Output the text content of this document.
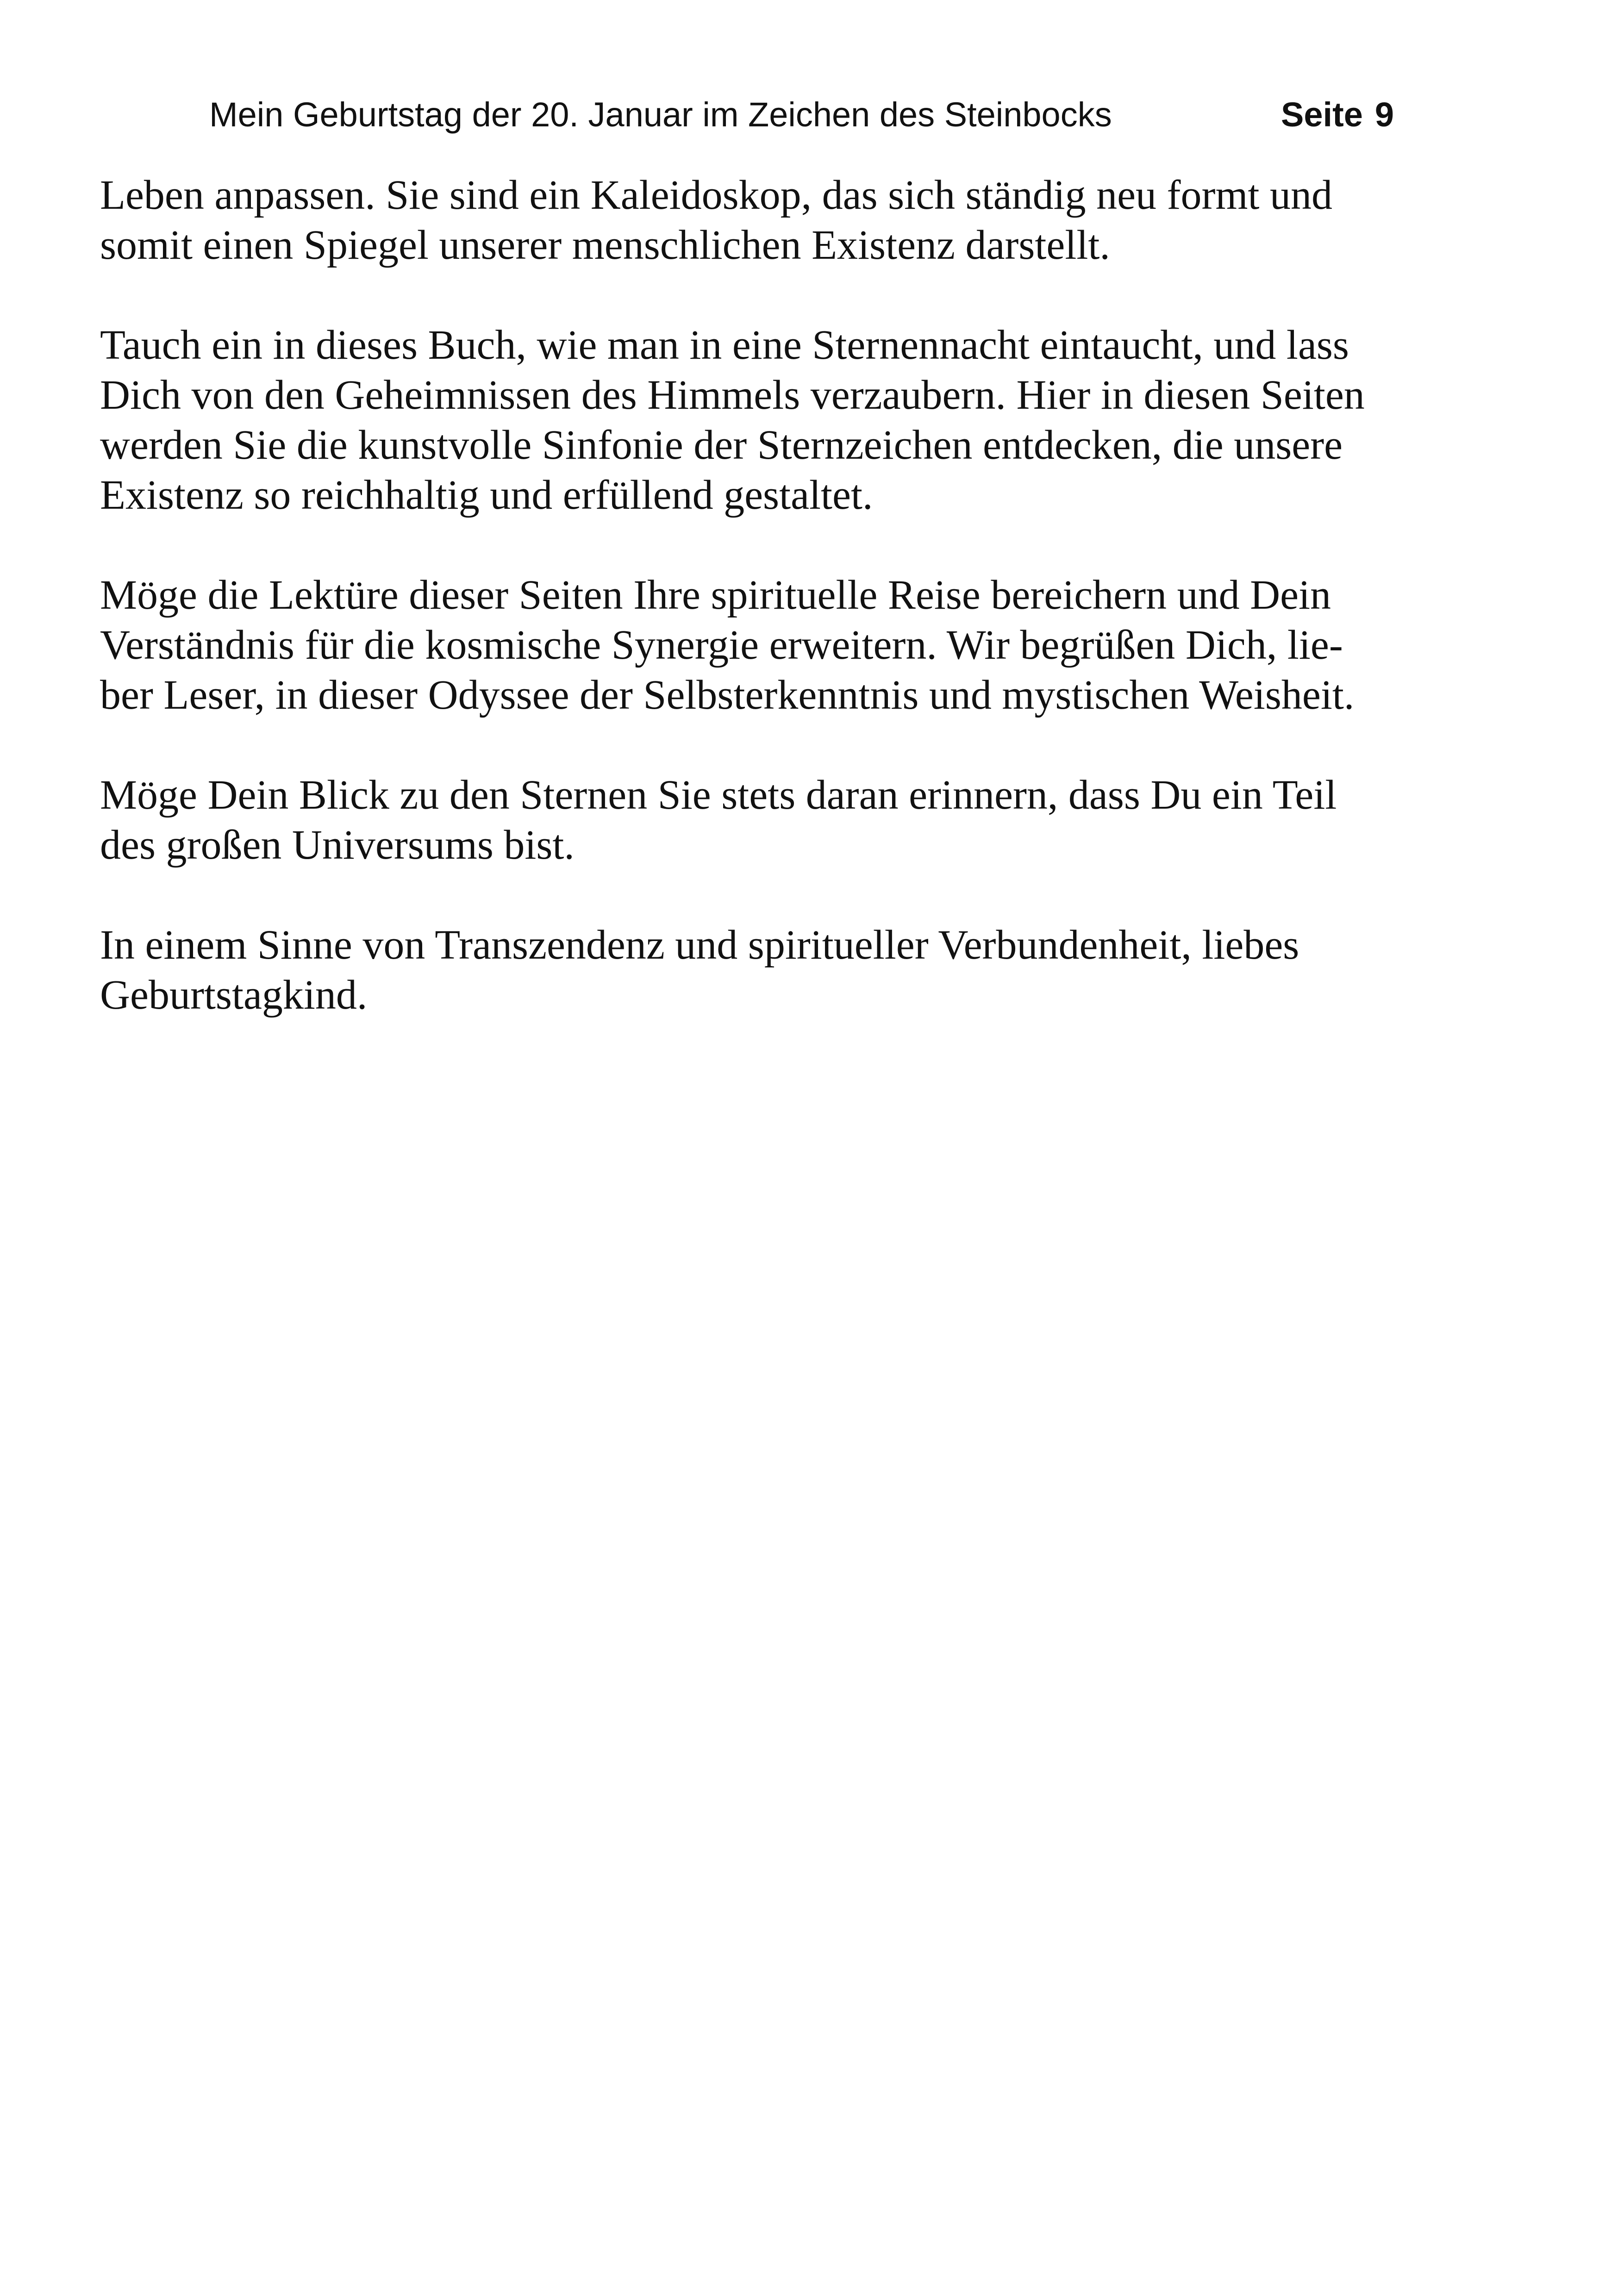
Mein Geburtstag der 20. Januar im Zeichen des Steinbocks	Seite 9

Leben anpassen. Sie sind ein Kaleidoskop, das sich ständig neu formt und
somit einen Spiegel unserer menschlichen Existenz darstellt.

Tauch ein in dieses Buch, wie man in eine Sternennacht eintaucht, und lass
Dich von den Geheimnissen des Himmels verzaubern. Hier in diesen Seiten
werden Sie die kunstvolle Sinfonie der Sternzeichen entdecken, die unsere
Existenz so reichhaltig und erfüllend gestaltet.

Möge die Lektüre dieser Seiten Ihre spirituelle Reise bereichern und Dein
Verständnis für die kosmische Synergie erweitern. Wir begrüßen Dich, lie-
ber Leser, in dieser Odyssee der Selbsterkenntnis und mystischen Weisheit.

Möge Dein Blick zu den Sternen Sie stets daran erinnern, dass Du ein Teil
des großen Universums bist.

In einem Sinne von Transzendenz und spiritueller Verbundenheit, liebes
Geburtstagkind.
